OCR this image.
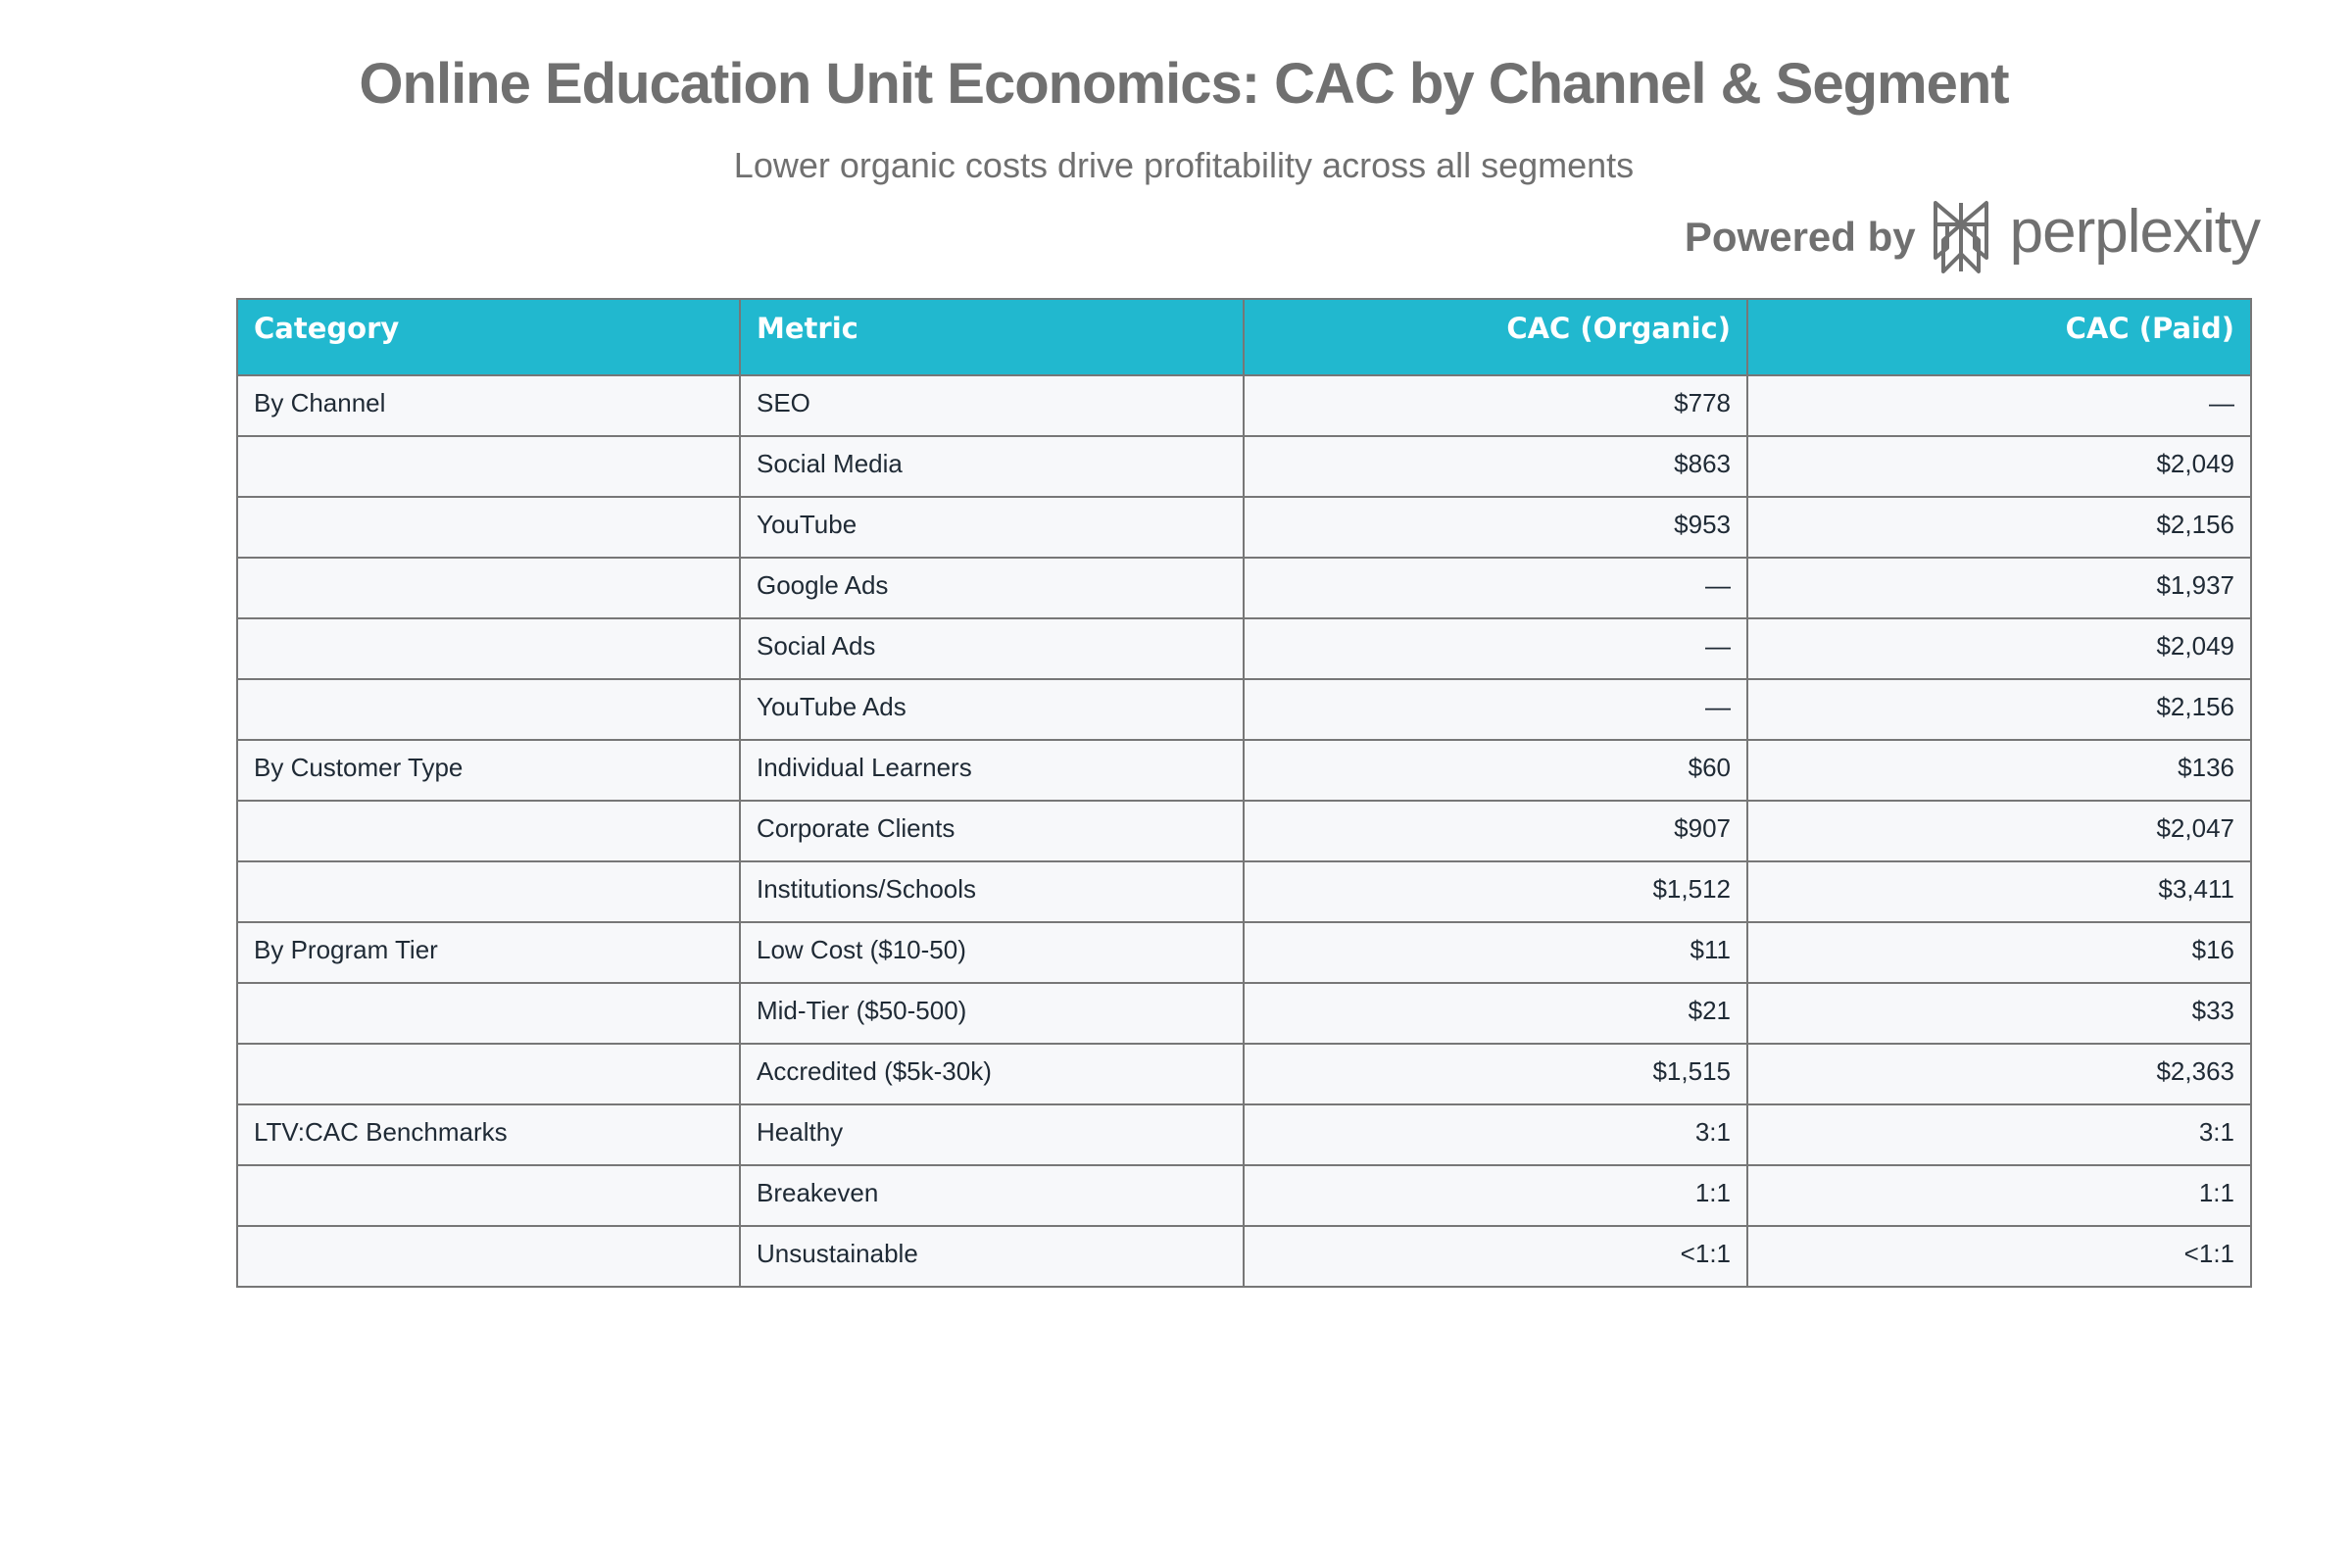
Online Education Unit Economics: CAC by Channel & Segment
Lower organic costs drive profitability across all segments
Powered by perplexity
Category	Metric	CAC (Organic)	CAC (Paid)
By Channel	SEO	$778	—
	Social Media	$863	$2,049
	YouTube	$953	$2,156
	Google Ads	—	$1,937
	Social Ads	—	$2,049
	YouTube Ads	—	$2,156
By Customer Type	Individual Learners	$60	$136
	Corporate Clients	$907	$2,047
	Institutions/Schools	$1,512	$3,411
By Program Tier	Low Cost ($10-50)	$11	$16
	Mid-Tier ($50-500)	$21	$33
	Accredited ($5k-30k)	$1,515	$2,363
LTV:CAC Benchmarks	Healthy	3:1	3:1
	Breakeven	1:1	1:1
	Unsustainable	<1:1	<1:1
